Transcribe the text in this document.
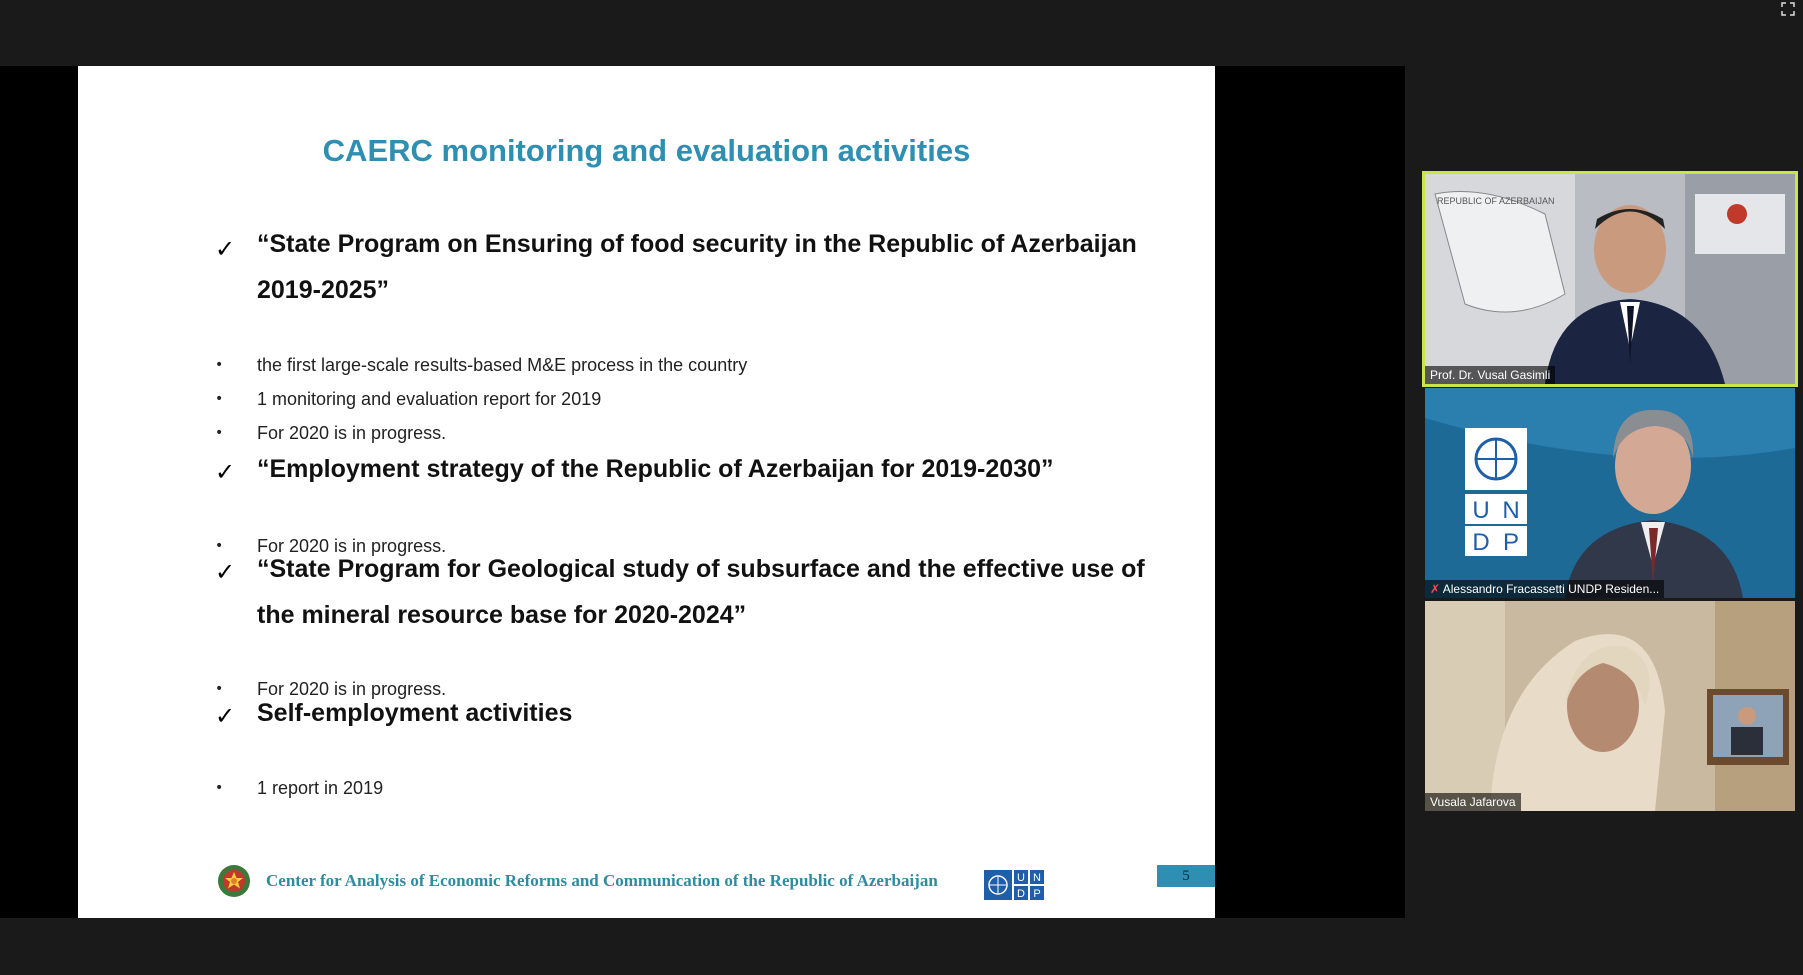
CAERC monitoring and evaluation activities
✓ “State Program on Ensuring of food security in the Republic of Azerbaijan
2019-2025”
• the first large-scale results-based M&E process in the country
• 1 monitoring and evaluation report for 2019
• For 2020 is in progress.
✓ “Employment strategy of the Republic of Azerbaijan for 2019-2030”
• For 2020 is in progress.
✓ “State Program for Geological study of subsurface and the effective use of
the mineral resource base for 2020-2024”
• For 2020 is in progress.
✓ Self-employment activities
• 1 report in 2019
Center for Analysis of Economic Reforms and Communication of the Republic of Azerbaijan	U N
D P
5
REPUBLIC OF AZERBAIJAN
Prof. Dr. Vusal Gasimli
U N
D P
✗ Alessandro Fracassetti UNDP Residen...
Vusala Jafarova
